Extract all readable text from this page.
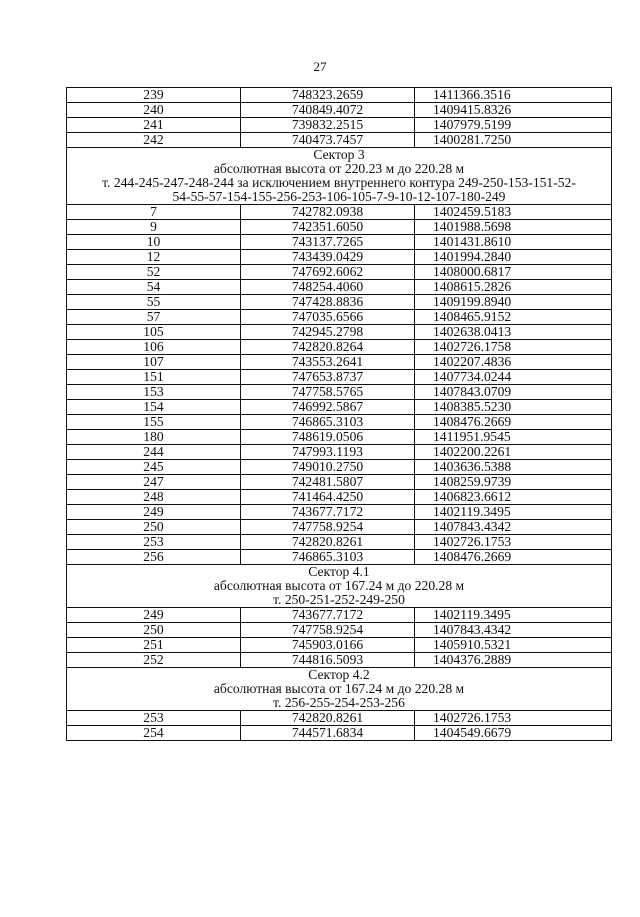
27
239	748323.2659	1411366.3516
240	740849.4072	1409415.8326
241	739832.2515	1407979.5199
242	740473.7457	1400281.7250
Сектор 3		
абсолютная высота от 220.23 м до 220.28 м		
т. 244-245-247-248-244 за исключением внутреннего контура 249-250-153-151-52-		
54-55-57-154-155-256-253-106-105-7-9-10-12-107-180-249		
7	742782.0938	1402459.5183
9	742351.6050	1401988.5698
10	743137.7265	1401431.8610
12	743439.0429	1401994.2840
52	747692.6062	1408000.6817
54	748254.4060	1408615.2826
55	747428.8836	1409199.8940
57	747035.6566	1408465.9152
105	742945.2798	1402638.0413
106	742820.8264	1402726.1758
107	743553.2641	1402207.4836
151	747653.8737	1407734.0244
153	747758.5765	1407843.0709
154	746992.5867	1408385.5230
155	746865.3103	1408476.2669
180	748619.0506	1411951.9545
244	747993.1193	1402200.2261
245	749010.2750	1403636.5388
247	742481.5807	1408259.9739
248	741464.4250	1406823.6612
249	743677.7172	1402119.3495
250	747758.9254	1407843.4342
253	742820.8261	1402726.1753
256	746865.3103	1408476.2669
Сектор 4.1		
абсолютная высота от 167.24 м до 220.28 м		
т. 250-251-252-249-250		
249	743677.7172	1402119.3495
250	747758.9254	1407843.4342
251	745903.0166	1405910.5321
252	744816.5093	1404376.2889
Сектор 4.2		
абсолютная высота от 167.24 м до 220.28 м		
т. 256-255-254-253-256		
253	742820.8261	1402726.1753
254	744571.6834	1404549.6679
